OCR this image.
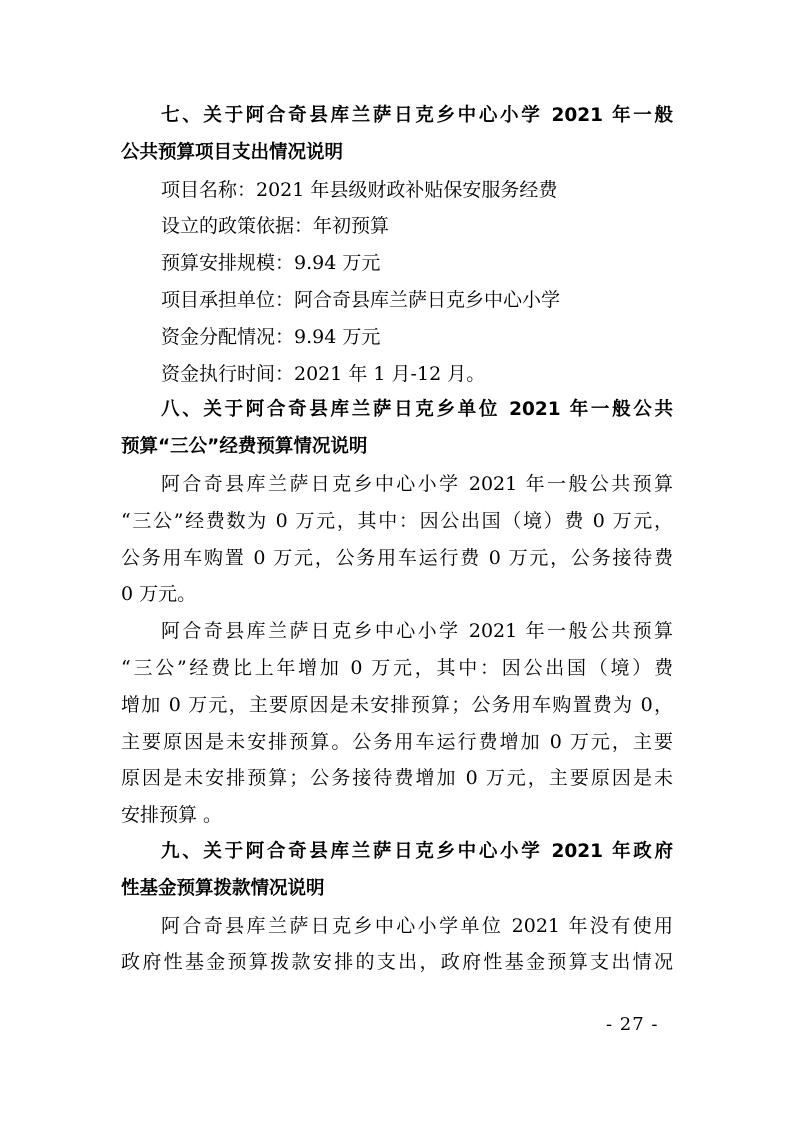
七、关于阿合奇县库兰萨日克乡中心小学 2021 年一般
公共预算项目支出情况说明
项目名称：2021 年县级财政补贴保安服务经费
设立的政策依据：年初预算
预算安排规模：9.94 万元
项目承担单位：阿合奇县库兰萨日克乡中心小学
资金分配情况：9.94 万元
资金执行时间：2021 年 1 月-12 月。
八、关于阿合奇县库兰萨日克乡单位 2021 年一般公共
预算“三公”经费预算情况说明
阿合奇县库兰萨日克乡中心小学 2021 年一般公共预算
“三公”经费数为 0 万元，其中：因公出国（境）费 0 万元，
公务用车购置 0 万元，公务用车运行费 0 万元，公务接待费
0 万元。
阿合奇县库兰萨日克乡中心小学 2021 年一般公共预算
“三公”经费比上年增加 0 万元，其中：因公出国（境）费
增加 0 万元，主要原因是未安排预算；公务用车购置费为 0，
主要原因是未安排预算。公务用车运行费增加 0 万元，主要
原因是未安排预算；公务接待费增加 0 万元，主要原因是未
安排预算 。
九、关于阿合奇县库兰萨日克乡中心小学 2021 年政府
性基金预算拨款情况说明
阿合奇县库兰萨日克乡中心小学单位 2021 年没有使用
政府性基金预算拨款安排的支出，政府性基金预算支出情况
- 27 -
